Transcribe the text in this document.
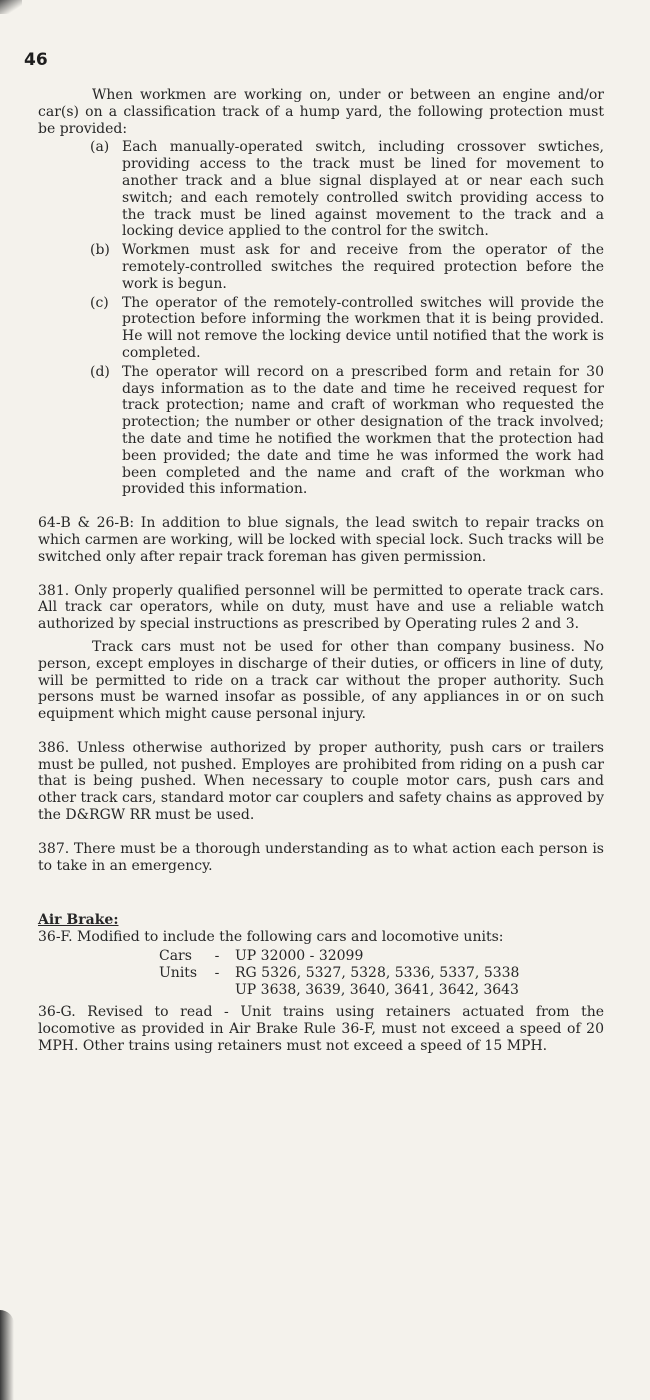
46

When workmen are working on, under or between an engine and/or car(s) on a classification track of a hump yard, the following protection must be provided:

(a) Each manually-operated switch, including crossover swtiches, providing access to the track must be lined for movement to another track and a blue signal displayed at or near each such switch; and each remotely controlled switch providing access to the track must be lined against movement to the track and a locking device applied to the control for the switch.
(b) Workmen must ask for and receive from the operator of the remotely-controlled switches the required protection before the work is begun.
(c) The operator of the remotely-controlled switches will provide the protection before informing the workmen that it is being provided. He will not remove the locking device until notified that the work is completed.
(d) The operator will record on a prescribed form and retain for 30 days information as to the date and time he received request for track protection; name and craft of workman who requested the protection; the number or other designation of the track involved; the date and time he notified the workmen that the protection had been provided; the date and time he was informed the work had been completed and the name and craft of the workman who provided this information.

64-B & 26-B: In addition to blue signals, the lead switch to repair tracks on which carmen are working, will be locked with special lock. Such tracks will be switched only after repair track foreman has given permission.

381. Only properly qualified personnel will be permitted to operate track cars. All track car operators, while on duty, must have and use a reliable watch authorized by special instructions as prescribed by Operating rules 2 and 3.

Track cars must not be used for other than company business. No person, except employes in discharge of their duties, or officers in line of duty, will be permitted to ride on a track car without the proper authority. Such persons must be warned insofar as possible, of any appliances in or on such equipment which might cause personal injury.

386. Unless otherwise authorized by proper authority, push cars or trailers must be pulled, not pushed. Employes are prohibited from riding on a push car that is being pushed. When necessary to couple motor cars, push cars and other track cars, standard motor car couplers and safety chains as approved by the D&RGW RR must be used.

387. There must be a thorough understanding as to what action each person is to take in an emergency.

Air Brake:

36-F. Modified to include the following cars and locomotive units:

Cars	-	UP 32000 - 32099
Units	-	RG 5326, 5327, 5328, 5336, 5337, 5338
UP 3638, 3639, 3640, 3641, 3642, 3643

36-G. Revised to read - Unit trains using retainers actuated from the locomotive as provided in Air Brake Rule 36-F, must not exceed a speed of 20 MPH. Other trains using retainers must not exceed a speed of 15 MPH.
